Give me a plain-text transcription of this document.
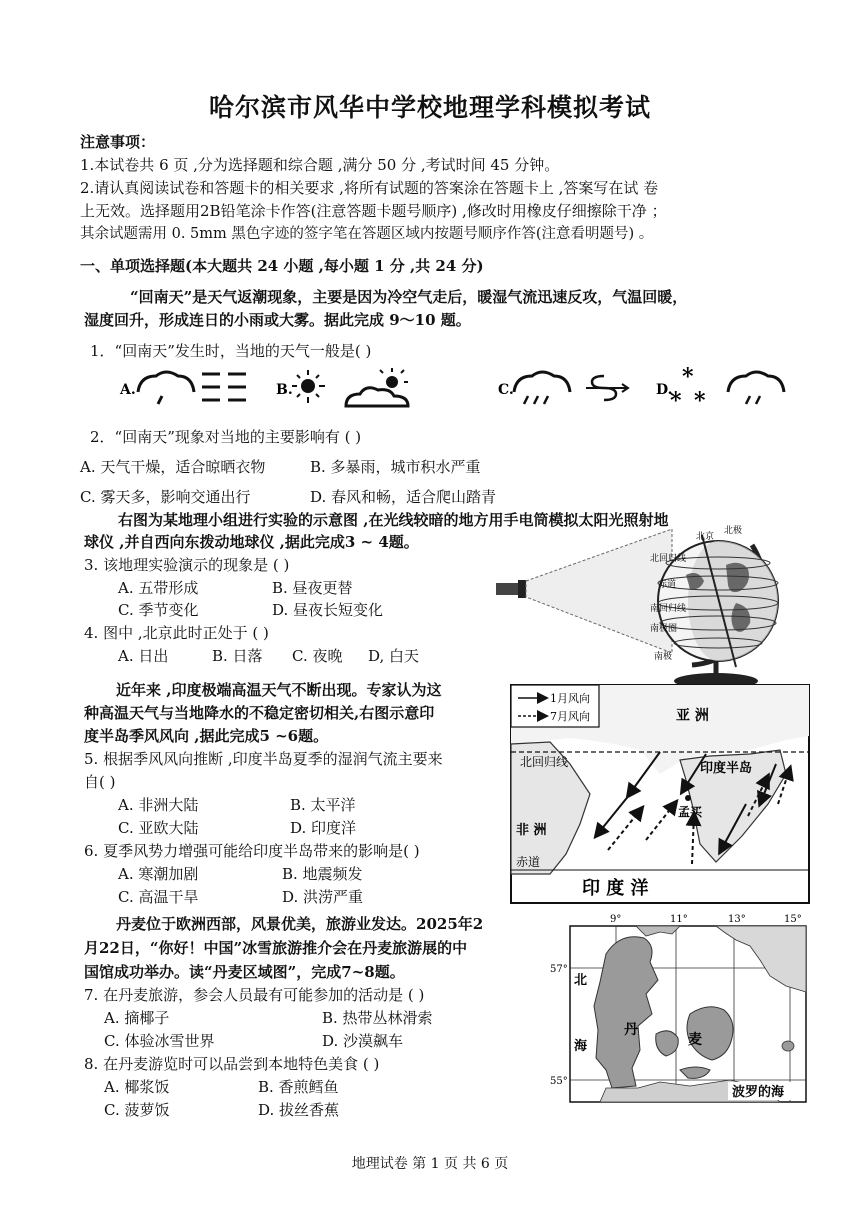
哈尔滨市风华中学校地理学科模拟考试
注意事项：
1.本试卷共 6 页 ,分为选择题和综合题 ,满分 50 分 ,考试时间 45 分钟。
2.请认真阅读试卷和答题卡的相关要求 ,将所有试题的答案涂在答题卡上 ,答案写在试 卷
上无效。选择题用2B铅笔涂卡作答(注意答题卡题号顺序) ,修改时用橡皮仔细擦除干净 ；
其余试题需用 0. 5mm 黑色字迹的签字笔在答题区域内按题号顺序作答(注意看明题号) 。
一、单项选择题(本大题共 24 小题 ,每小题 1 分 ,共 24 分)
“回南天”是天气返潮现象，主要是因为冷空气走后，暖湿气流迅速反攻，气温回暖，
湿度回升，形成连日的小雨或大雾。据此完成 9～10 题。
1．“回南天”发生时，当地的天气一般是( )
A.	B.	C.	D. *
* *
2．“回南天”现象对当地的主要影响有 ( )
A. 天气干燥，适合晾晒衣物	B. 多暴雨，城市积水严重
C. 雾天多，影响交通出行	D. 春风和畅，适合爬山踏青
右图为某地理小组进行实验的示意图 ,在光线较暗的地方用手电筒模拟太阳光照射地
球仪 ,并自西向东拨动地球仪 ,据此完成3 ~ 4题。
3. 该地理实验演示的现象是 ( )
A. 五带形成	B. 昼夜更替
C. 季节变化	D. 昼夜长短变化
4. 图中 ,北京此时正处于 ( )
A. 日出	B. 日落 C. 夜晚 D, 白天
北极
北京
北回归线
赤道
南回归线
南极圈
南极
近年来 ,印度极端高温天气不断出现。专家认为这
种高温天气与当地降水的不稳定密切相关,右图示意印
度半岛季风风向 ,据此完成5 ~6题。
5. 根据季风风向推断 ,印度半岛夏季的湿润气流主要来
自( )
A. 非洲大陆	B. 太平洋
C. 亚欧大陆	D. 印度洋
6. 夏季风势力增强可能给印度半岛带来的影响是( )
A. 寒潮加剧	B. 地震频发
C. 高温干旱	D. 洪涝严重
1月风向
7月风向	亚 洲
北回归线	印度半岛
孟买
非 洲
赤道
印 度 洋
丹麦位于欧洲西部，风景优美，旅游业发达。2025年2
月22日，“你好！中国”冰雪旅游推介会在丹麦旅游展的中
国馆成功举办。读“丹麦区域图”，完成7~8题。
7. 在丹麦旅游，参会人员最有可能参加的活动是 ( )
A. 摘椰子	B. 热带丛林滑索
C. 体验冰雪世界	D. 沙漠飙车
8. 在丹麦游览时可以品尝到本地特色美食 ( )
A. 椰浆饭	B. 香煎鳕鱼
C. 菠萝饭	D. 拔丝香蕉
9°	11°	13°	15°
57°
55°
北
海
丹
麦
波罗的海
地理试卷 第 1 页 共 6 页
